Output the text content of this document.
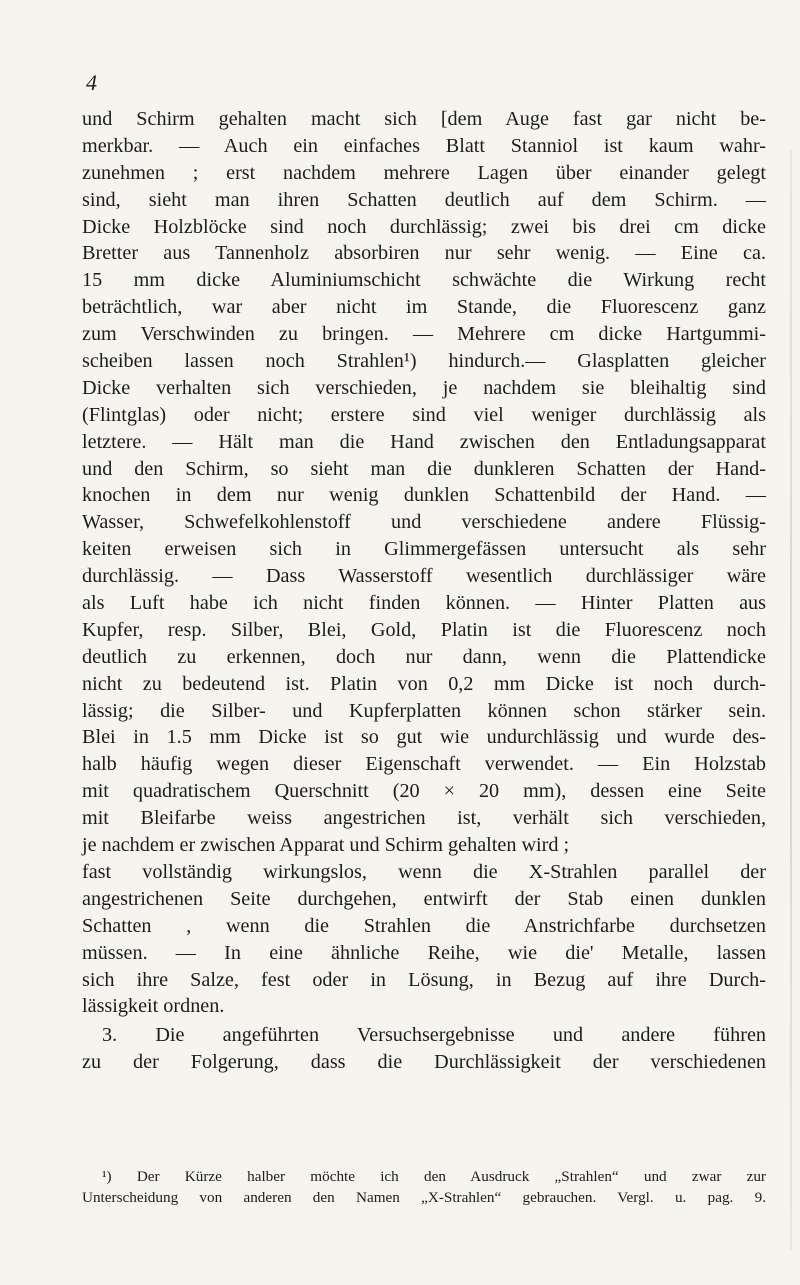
4
und Schirm gehalten macht sich [dem Auge fast gar nicht be-
merkbar. — Auch ein einfaches Blatt Stanniol ist kaum wahr-
zunehmen ; erst nachdem mehrere Lagen über einander gelegt
sind, sieht man ihren Schatten deutlich auf dem Schirm. —
Dicke Holzblöcke sind noch durchlässig; zwei bis drei cm dicke
Bretter aus Tannenholz absorbiren nur sehr wenig. — Eine ca.
15 mm dicke Aluminiumschicht schwächte die Wirkung recht
beträchtlich, war aber nicht im Stande, die Fluorescenz ganz
zum Verschwinden zu bringen. — Mehrere cm dicke Hartgummi-
scheiben lassen noch Strahlen¹) hindurch.— Glasplatten gleicher
Dicke verhalten sich verschieden, je nachdem sie bleihaltig sind
(Flintglas) oder nicht; erstere sind viel weniger durchlässig als
letztere. — Hält man die Hand zwischen den Entladungsapparat
und den Schirm, so sieht man die dunkleren Schatten der Hand-
knochen in dem nur wenig dunklen Schattenbild der Hand. —
Wasser, Schwefelkohlenstoff und verschiedene andere Flüssig-
keiten erweisen sich in Glimmergefässen untersucht als sehr
durchlässig. — Dass Wasserstoff wesentlich durchlässiger wäre
als Luft habe ich nicht finden können. — Hinter Platten aus
Kupfer, resp. Silber, Blei, Gold, Platin ist die Fluorescenz noch
deutlich zu erkennen, doch nur dann, wenn die Plattendicke
nicht zu bedeutend ist. Platin von 0,2 mm Dicke ist noch durch-
lässig; die Silber- und Kupferplatten können schon stärker sein.
Blei in 1.5 mm Dicke ist so gut wie undurchlässig und wurde des-
halb häufig wegen dieser Eigenschaft verwendet. — Ein Holzstab
mit quadratischem Querschnitt (20 × 20 mm), dessen eine Seite
mit Bleifarbe weiss angestrichen ist, verhält sich verschieden,
je nachdem er zwischen Apparat und Schirm gehalten wird ;
fast vollständig wirkungslos, wenn die X-Strahlen parallel der
angestrichenen Seite durchgehen, entwirft der Stab einen dunklen
Schatten , wenn die Strahlen die Anstrichfarbe durchsetzen
müssen. — In eine ähnliche Reihe, wie die' Metalle, lassen
sich ihre Salze, fest oder in Lösung, in Bezug auf ihre Durch-
lässigkeit ordnen.
3. Die angeführten Versuchsergebnisse und andere führen
zu der Folgerung, dass die Durchlässigkeit der verschiedenen
¹) Der Kürze halber möchte ich den Ausdruck „Strahlen“ und zwar zur
Unterscheidung von anderen den Namen „X-Strahlen“ gebrauchen. Vergl. u. pag. 9.
